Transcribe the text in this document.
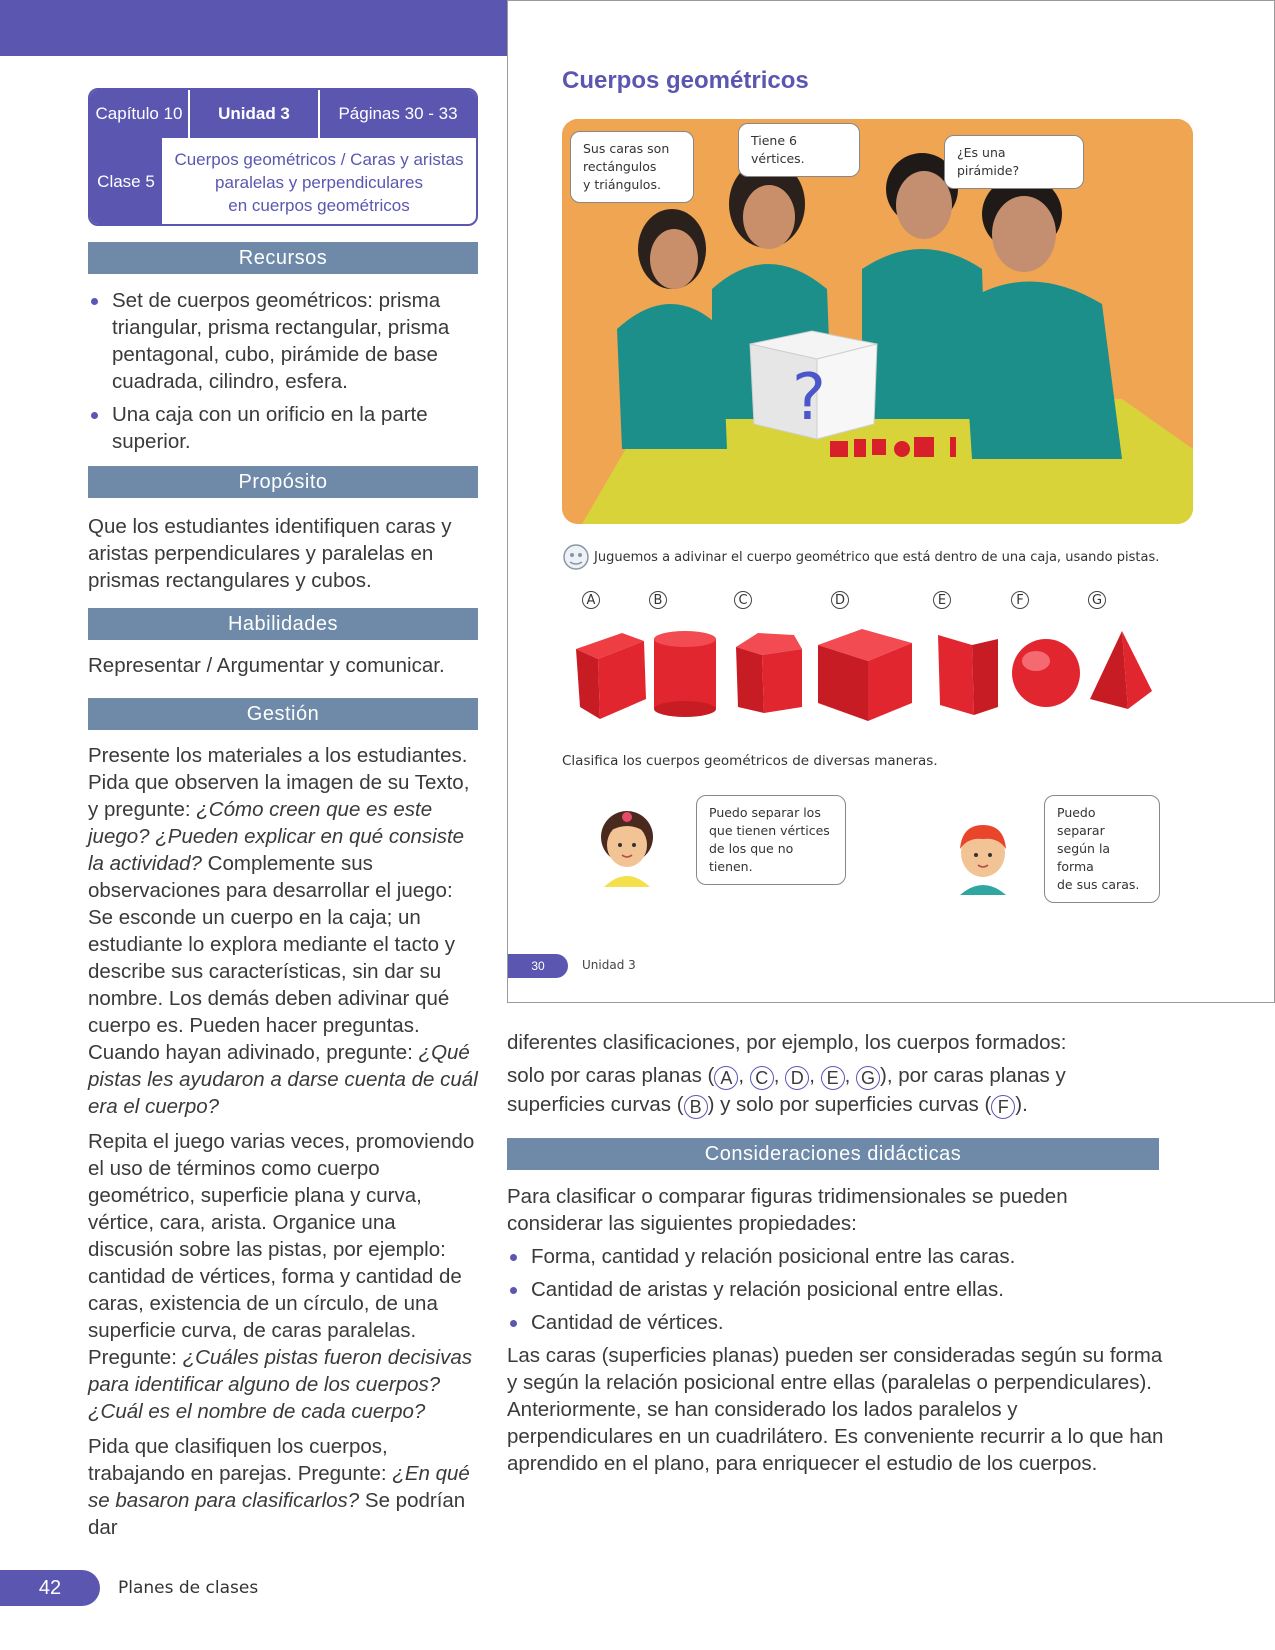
Capítulo 10	Unidad 3	Páginas 30 - 33
Clase 5
Cuerpos geométricos / Caras y aristas
paralelas y perpendiculares
en cuerpos geométricos
Recursos
Set de cuerpos geométricos: prisma triangular, prisma rectangular, prisma pentagonal, cubo, pirámide de base cuadrada, cilindro, esfera.
Una caja con un orificio en la parte superior.
Propósito
Que los estudiantes identifiquen caras y aristas perpendiculares y paralelas en prismas rectangulares y cubos.
Habilidades
Representar / Argumentar y comunicar.
Gestión

Presente los materiales a los estudiantes. Pida que observen la imagen de su Texto, y pregunte: ¿Cómo creen que es este juego? ¿Pueden explicar en qué consiste la actividad? Complemente sus observaciones para desarrollar el juego: Se esconde un cuerpo en la caja; un estudiante lo explora mediante el tacto y describe sus características, sin dar su nombre. Los demás deben adivinar qué cuerpo es. Pueden hacer preguntas. Cuando hayan adivinado, pregunte: ¿Qué pistas les ayudaron a darse cuenta de cuál era el cuerpo?

Repita el juego varias veces, promoviendo el uso de términos como cuerpo geométrico, superficie plana y curva, vértice, cara, arista. Organice una discusión sobre las pistas, por ejemplo: cantidad de vértices, forma y cantidad de caras, existencia de un círculo, de una superficie curva, de caras paralelas. Pregunte: ¿Cuáles pistas fueron decisivas para identificar alguno de los cuerpos? ¿Cuál es el nombre de cada cuerpo?

Pida que clasifiquen los cuerpos, trabajando en parejas. Pregunte: ¿En qué se basaron para clasificarlos? Se podrían dar

Cuerpos geométricos
?
Sus caras son
rectángulos
y triángulos.
Tiene 6 vértices.	¿Es una pirámide?
Juguemos a adivinar el cuerpo geométrico que está dentro de una caja, usando pistas.
A	B	C	D	E	F	G
Clasifica los cuerpos geométricos de diversas maneras.
Puedo separar los
que tienen vértices
de los que no tienen.
Puedo separar
según la forma
de sus caras.
30	Unidad 3
diferentes clasificaciones, por ejemplo, los cuerpos formados:
solo por caras planas ( A , C , D , E , G ), por caras planas y
superficies curvas ( B ) y solo por superficies curvas ( F ).
Consideraciones didácticas

Para clasificar o comparar figuras tridimensionales se pueden considerar las siguientes propiedades:

Forma, cantidad y relación posicional entre las caras.
Cantidad de aristas y relación posicional entre ellas.
Cantidad de vértices.

Las caras (superficies planas) pueden ser consideradas según su forma y según la relación posicional entre ellas (paralelas o perpendiculares). Anteriormente, se han considerado los lados paralelos y perpendiculares en un cuadrilátero. Es conveniente recurrir a lo que han aprendido en el plano, para enriquecer el estudio de los cuerpos.

42	Planes de clases
